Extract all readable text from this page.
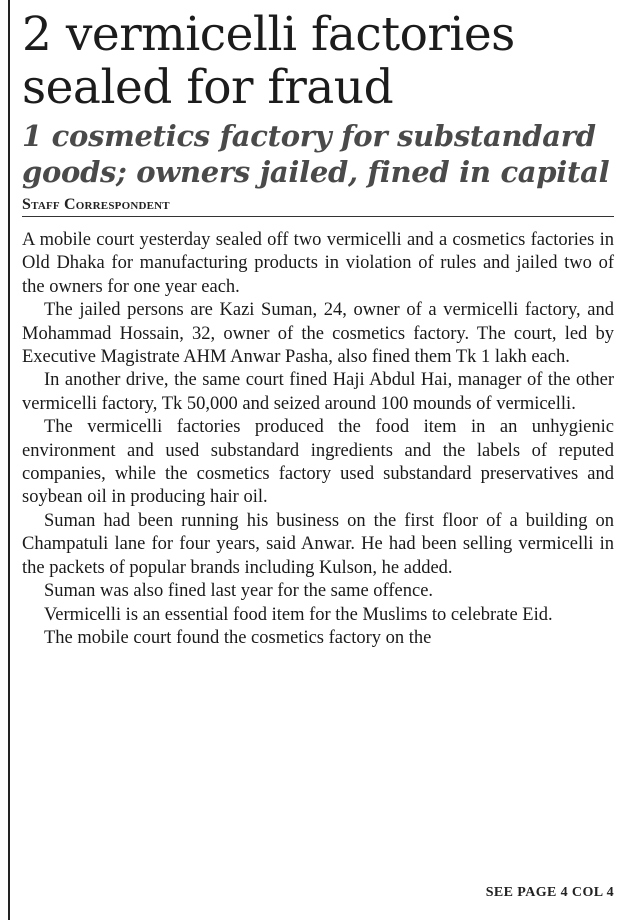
2 vermicelli factories sealed for fraud
1 cosmetics factory for substandard goods; owners jailed, fined in capital
Staff Correspondent

A mobile court yesterday sealed off two vermicelli and a cosmetics factories in Old Dhaka for manufacturing products in violation of rules and jailed two of the owners for one year each.

The jailed persons are Kazi Suman, 24, owner of a vermicelli factory, and Mohammad Hossain, 32, owner of the cosmetics factory. The court, led by Executive Magistrate AHM Anwar Pasha, also fined them Tk 1 lakh each.

In another drive, the same court fined Haji Abdul Hai, manager of the other vermicelli factory, Tk 50,000 and seized around 100 mounds of vermicelli.

The vermicelli factories produced the food item in an unhygienic environment and used substandard ingredients and the labels of reputed companies, while the cosmetics factory used substandard preservatives and soybean oil in producing hair oil.

Suman had been running his business on the first floor of a building on Champatuli lane for four years, said Anwar. He had been selling vermicelli in the packets of popular brands including Kulson, he added.

Suman was also fined last year for the same offence.

Vermicelli is an essential food item for the Muslims to celebrate Eid.

The mobile court found the cosmetics factory on the

SEE PAGE 4 COL 4
